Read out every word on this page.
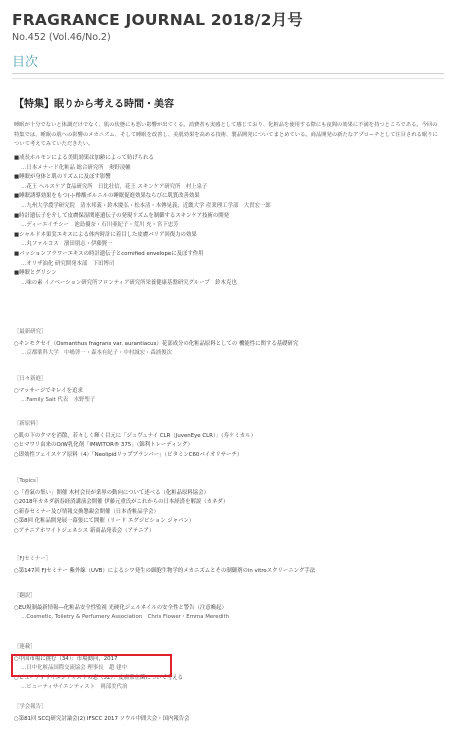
FRAGRANCE JOURNAL 2018/2月号
No.452 (Vol.46/No.2)
目次
【特集】眠りから考える時間・美容
睡眠が十分でないと体調だけでなく、肌の状態にも悪い影響が出てくる。消費者も実感として感じており、化粧品を使用する際にも夜間の効果に不満を持つところである。今回の特集では、睡眠の肌への影響のメカニズム、そして睡眠を改善し、美肌効果を高める技術、製品開発についてまとめている。商品開発の新たなアプローチとして注目される眠りについて考えてみていただきたい。
■成長ホルモンによる美肌効果は加齢によって妨げられる
…日本メナード化粧品 総合研究所　奥野凌輔
■睡眠が身体と肌のリズムに及ぼす影響
…花王 ヘルスケア食品研究所　日比壮信，花王 スキンケア研究所　村上泉子
■睡眠誘導効果をもつ(-)-酢酸ボルニルの睡眠促進効果ならびに肌質改善効果
…九州大学農学研究院　清水邦義・鈴木慶弘・松本清・本傳晃義，近畿大学 産業理工学部　大貫宏一郎
■時計遺伝子を介して皮膚保湿関連遺伝子の発現リズムを制御するスキンケア技術の開発
…ディーエイチシー　池島優奈・石川亜紀子・荒川 充・宮下忠芳
■シャルドネ果実エキスによる体内時計に着目した皮膚バリア回復力の効果
…丸ファルコス　濱田朋志・伊藤賢一
■パッションフラワーエキスの時計遺伝子とcornified envelopeに及ぼす作用
…オリザ油化 研究開発本部　下田博司
■睡眠とグリシン
…味の素 イノベーション研究所フロンティア研究所栄養健康基盤研究グループ　鈴木克也
［最新研究］
○キンモクセイ（Osmanthus fragrans var. aurantiacus）花部成分の化粧品原料としての 機能性に関する基礎研究
…京都薬科大学　中嶋啓一・森本有紀子・中村誠宏・森浦俊次
［日々新進］
○マッサージでキレイを追求
…Family Salt 代表　水野聖子
［新原料］
○肌の下のクマを消散，若々しく輝く目元に「ジュヴェナイ CLR（JuvenEye CLR）」（寿ケミカル）
○ヒマワリ由来のO/W乳化剤「IMWITOR® 375」（錦利トレーディング）
○即効性フェイスケア原料（4）「Neolipidリップブランパー」（ビタミンC60バイオリサーチ）
［Topics］
○「香氣の集い」開催 木村会長が業界の動向について述べる（化粧品原料協会）
○2018年カネダ新春経済講演会開催 伊藤元重氏がこれからの日本経済を解説（カネダ）
○新春セミナー及び情報交換懇親会開催（日本香粧品学会）
○第8回 化粧品開発展一幕張にて開催（リード エグジビション ジャパン）
○アテニアホワイトジェネシス 新商品発表会（アテニア）
［FJセミナー］
○第147回 FJセミナー 紫外線（UVB）によるシワ発生の細胞生物学的メカニズムとその制御剤のin vitroスクリーニング手法
［翻訳］
○EU規制最新情報―化粧品安全性監視 光硬化ジェルネイルの安全性と警告（注意喚起）
…Cosmetic, Toiletry & Perfumery Association　Chris Flower・Emma Meredith
［連載］
○中国市場に挑む（34）：市場動向，2017
…日中化粧品国際交流協会 理事長　趙 建中
○ビューティサイエンティストの窓（52）：皮膚常在菌について考える
…ビューティサイエンティスト　岡部美代治
［学会報告］
○第81回 SCCJ研究討論会(2) IFSCC 2017 ソウル中間大会・国内報告会
